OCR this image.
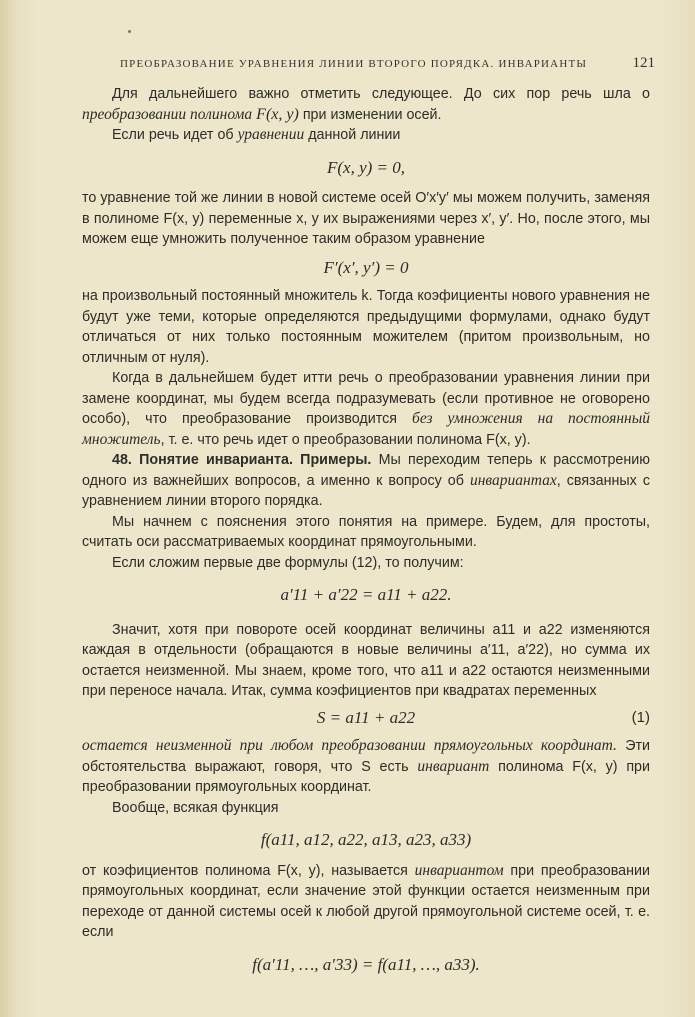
ПРЕОБРАЗОВАНИЕ УРАВНЕНИЯ ЛИНИИ ВТОРОГО ПОРЯДКА. ИНВАРИАНТЫ	121

Для дальнейшего важно отметить следующее. До сих пор речь шла о преобразовании полинома F(x, y) при изменении осей.

Если речь идет об уравнении данной линии

F(x, y) = 0,

то уравнение той же линии в новой системе осей O′x′y′ мы можем получить, заменяя в полиноме F(x, y) переменные x, y их выражениями через x′, y′. Но, после этого, мы можем еще умножить полученное таким образом уравнение

F′(x′, y′) = 0

на произвольный постоянный множитель k. Тогда коэфициенты нового уравнения не будут уже теми, которые определяются предыдущими формулами, однако будут отличаться от них только постоянным можителем (притом произвольным, но отличным от нуля).

Когда в дальнейшем будет итти речь о преобразовании уравнения линии при замене координат, мы будем всегда подразумевать (если противное не оговорено особо), что преобразование производится без умножения на постоянный множитель, т. е. что речь идет о преобразовании полинома F(x, y).

48. Понятие инварианта. Примеры. Мы переходим теперь к рассмотрению одного из важнейших вопросов, а именно к вопросу об инвариантах, связанных с уравнением линии второго порядка.

Мы начнем с пояснения этого понятия на примере. Будем, для простоты, считать оси рассматриваемых координат прямоугольными.

Если сложим первые две формулы (12), то получим:

a′11 + a′22 = a11 + a22.

Значит, хотя при повороте осей координат величины a11 и a22 изменяются каждая в отдельности (обращаются в новые величины a′11, a′22), но сумма их остается неизменной. Мы знаем, кроме того, что a11 и a22 остаются неизменными при переносе начала. Итак, сумма коэфициентов при квадратах переменных

S = a11 + a22	(1)

остается неизменной при любом преобразовании прямоугольных координат. Эти обстоятельства выражают, говоря, что S есть инвариант полинома F(x, y) при преобразовании прямоугольных координат.

Вообще, всякая функция

f(a11, a12, a22, a13, a23, a33)

от коэфициентов полинома F(x, y), называется инвариантом при преобразовании прямоугольных координат, если значение этой функции остается неизменным при переходе от данной системы осей к любой другой прямоугольной системе осей, т. е. если

f(a′11, …, a′33) = f(a11, …, a33).
